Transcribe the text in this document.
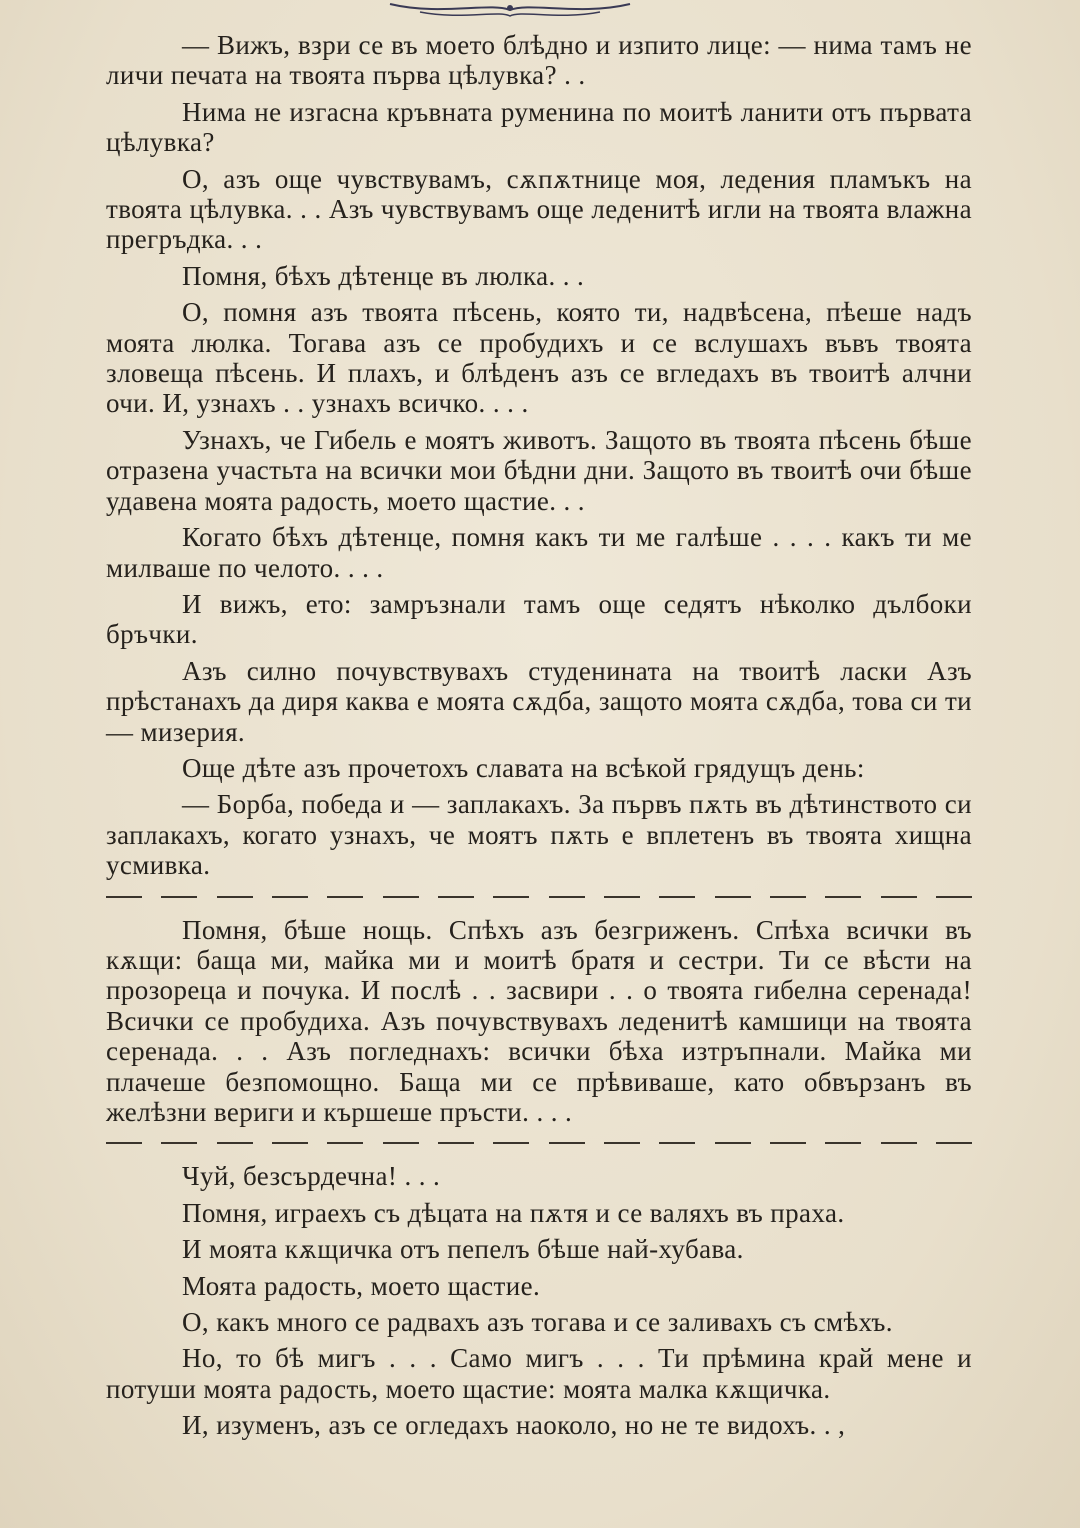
— Вижъ, взри се въ моето блѣдно и изпито лице: — нима тамъ не личи печата на твоята първа цѣлувка? . .

Нима не изгасна кръвната руменина по моитѣ ланити отъ първата цѣлувка?

О, азъ още чувствувамъ, сѫпѫтнице моя, ледения пламъкъ на твоята цѣлувка. . . Азъ чувствувамъ още леденитѣ игли на твоята влажна прегръдка. . .

Помня, бѣхъ дѣтенце въ люлка. . .

О, помня азъ твоята пѣсень, която ти, надвѣсена, пѣеше надъ моята люлка. Тогава азъ се пробудихъ и се вслушахъ въвъ твоята зловеща пѣсень. И плахъ, и блѣденъ азъ се вгледахъ въ твоитѣ алчни очи. И, узнахъ . . узнахъ всичко. . . .

Узнахъ, че Гибель е моятъ животъ. Защото въ твоята пѣсень бѣше отразена участьта на всички мои бѣдни дни. Защото въ твоитѣ очи бѣше удавена моята радость, моето щастие. . .

Когато бѣхъ дѣтенце, помня какъ ти ме галѣше . . . . какъ ти ме милваше по челото. . . .

И вижъ, ето: замръзнали тамъ още седятъ нѣколко дълбоки бръчки.

Азъ силно почувствувахъ студенината на твоитѣ ласки Азъ прѣстанахъ да диря каква е моята сѫдба, защото моята сѫдба, това си ти — мизерия.

Още дѣте азъ прочетохъ славата на всѣкой грядущъ день:

— Борба, победа и — заплакахъ. За първъ пѫть въ дѣтинството си заплакахъ, когато узнахъ, че моятъ пѫть е вплетенъ въ твоята хищна усмивка.

Помня, бѣше нощь. Спѣхъ азъ безгриженъ. Спѣха всички въ кѫщи: баща ми, майка ми и моитѣ братя и сестри. Ти се вѣсти на прозореца и почука. И послѣ . . засвири . . о твоята гибелна серенада! Всички се пробудиха. Азъ почувствувахъ леденитѣ камшици на твоята серенада. . . Азъ погледнахъ: всички бѣха изтръпнали. Майка ми плачеше безпомощно. Баща ми се прѣвиваше, като обвързанъ въ желѣзни вериги и кършеше пръсти. . . .

Чуй, безсърдечна! . . .

Помня, играехъ съ дѣцата на пѫтя и се валяхъ въ праха.

И моята кѫщичка отъ пепелъ бѣше най-хубава.

Моята радость, моето щастие.

О, какъ много се радвахъ азъ тогава и се заливахъ съ смѣхъ.

Но, то бѣ мигъ . . . Само мигъ . . . Ти прѣмина край мене и потуши моята радость, моето щастие: моята малка кѫщичка.

И, изуменъ, азъ се огледахъ наоколо, но не те видохъ. . ,
